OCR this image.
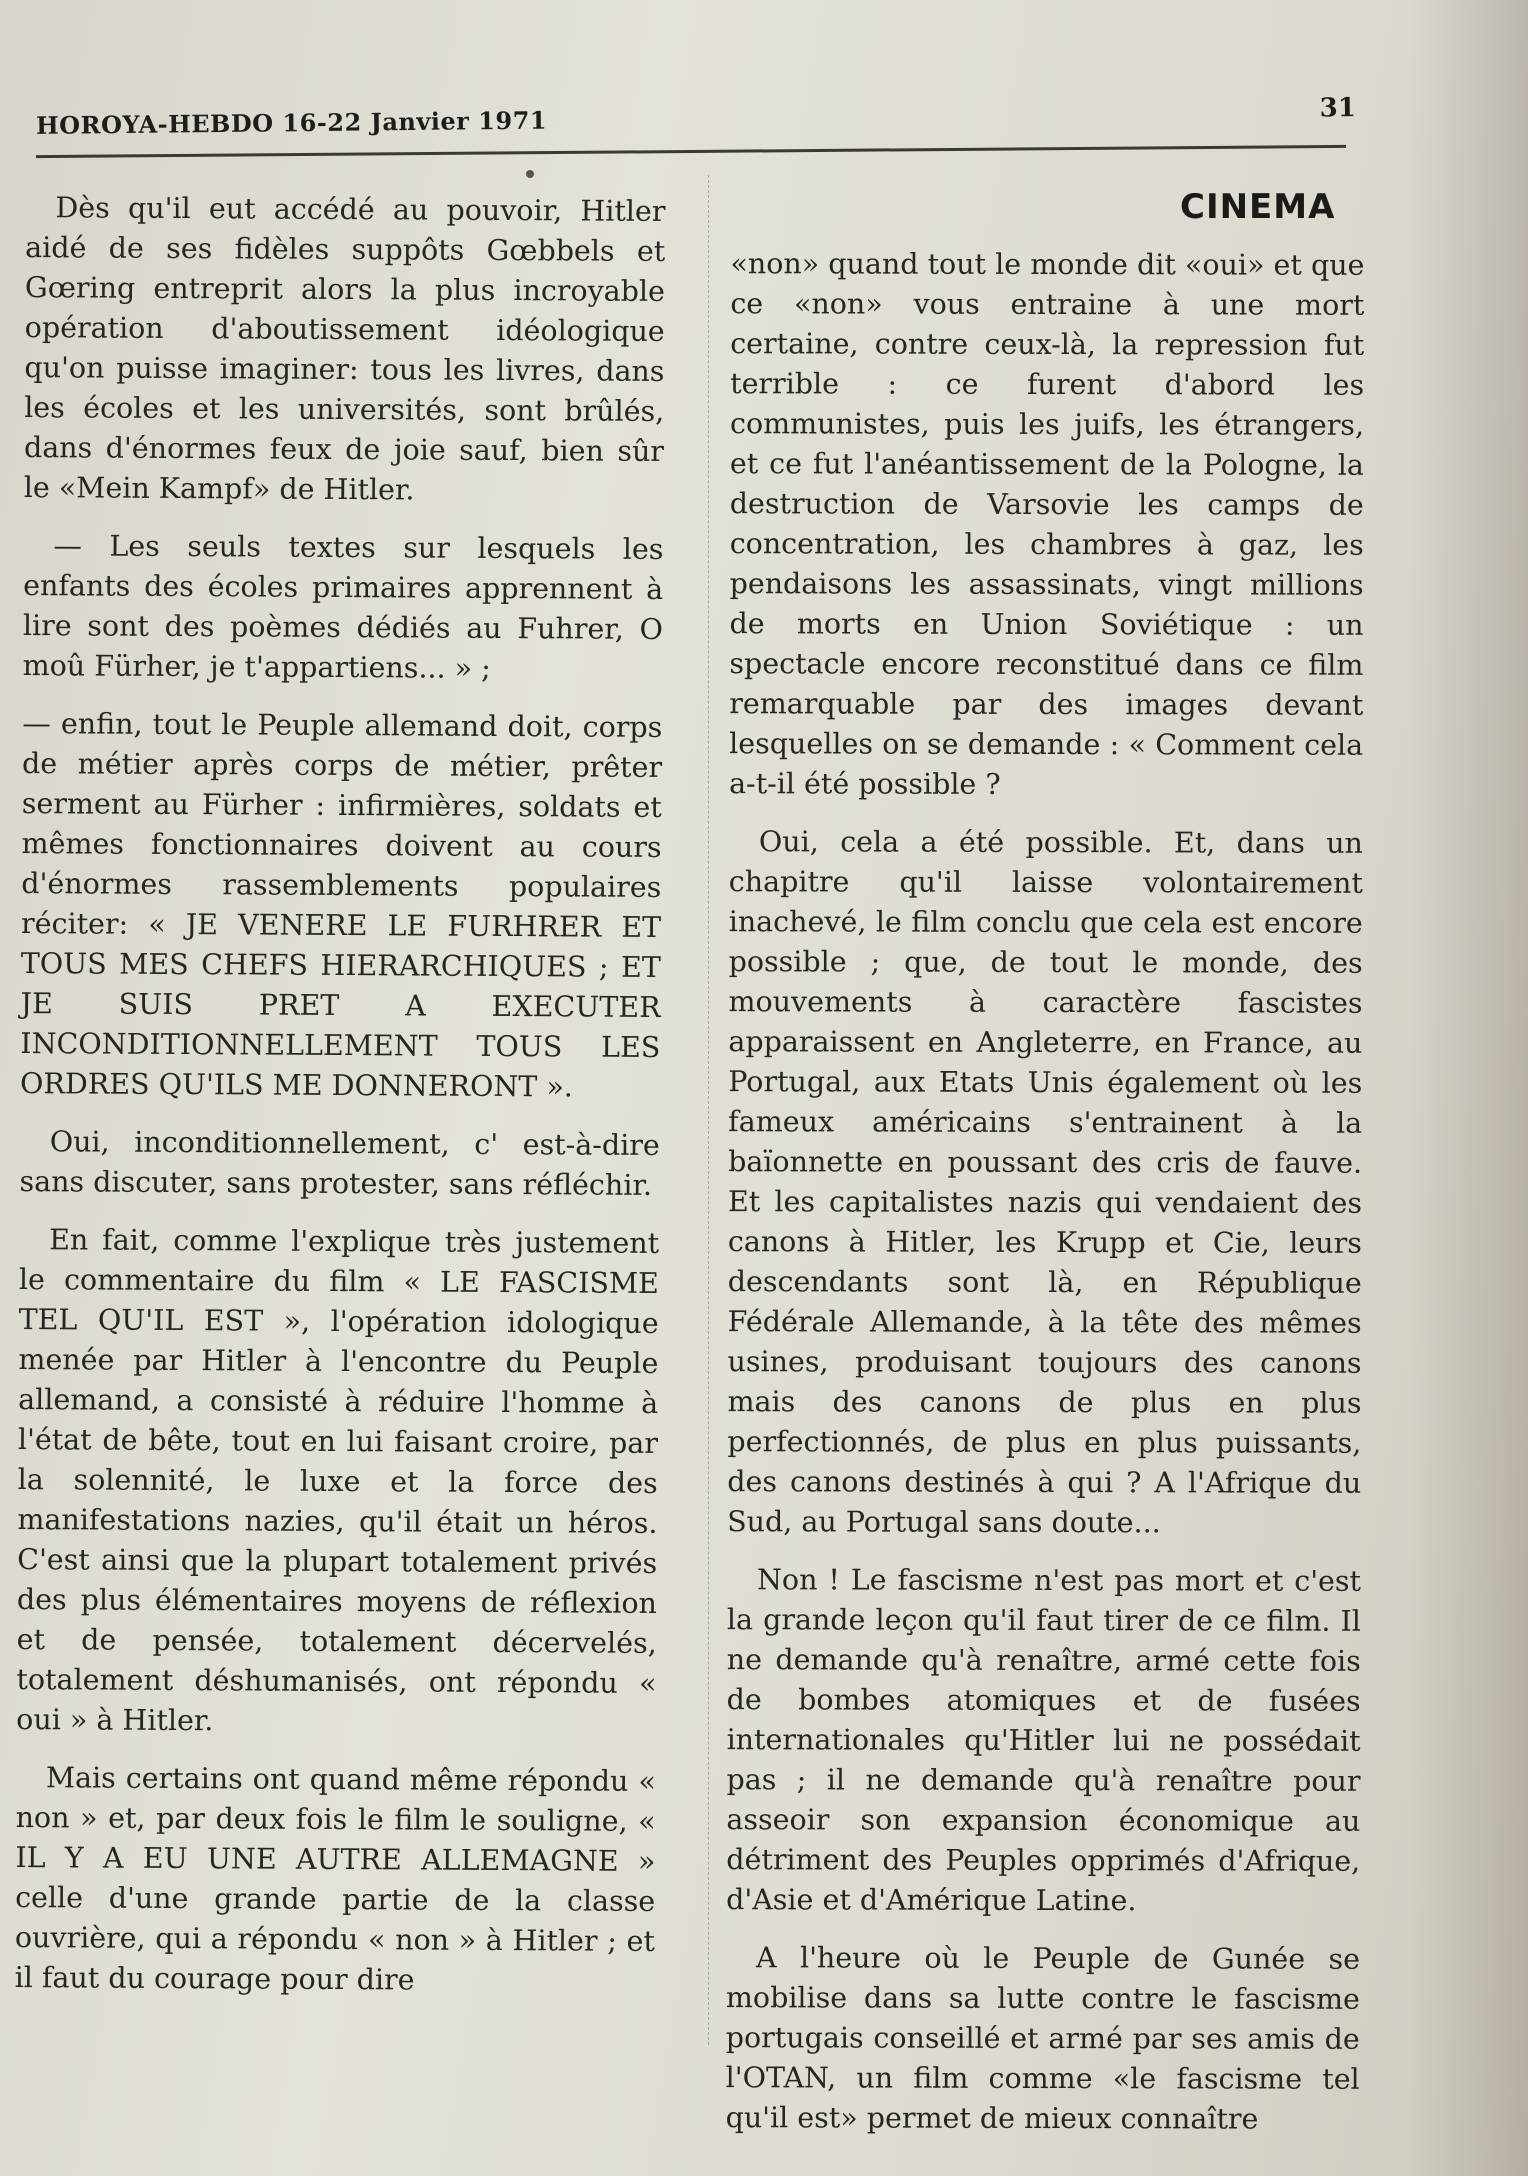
HOROYA-HEBDO 16-22 Janvier 1971	31
CINEMA

Dès qu'il eut accédé au pouvoir, Hitler aidé de ses fidèles suppôts Gœbbels et Gœring entreprit alors la plus incroyable opération d'aboutissement idéologique qu'on puisse imaginer: tous les livres, dans les écoles et les universités, sont brûlés, dans d'énormes feux de joie sauf, bien sûr le «Mein Kampf» de Hitler.

— Les seuls textes sur lesquels les enfants des écoles primaires apprennent à lire sont des poèmes dédiés au Fuhrer, O moû Fürher, je t'appartiens... » ;

— enfin, tout le Peuple allemand doit, corps de métier après corps de métier, prêter serment au Fürher : infirmières, soldats et mêmes fonctionnaires doivent au cours d'énormes rassemblements populaires réciter: « JE VENERE LE FURHRER ET TOUS MES CHEFS HIERARCHIQUES ; ET JE SUIS PRET A EXECUTER INCONDITIONNELLEMENT TOUS LES ORDRES QU'ILS ME DONNERONT ».

Oui, inconditionnellement, c' est-à-dire sans discuter, sans protester, sans réfléchir.

En fait, comme l'explique très justement le commentaire du film « LE FASCISME TEL QU'IL EST », l'opération idologique menée par Hitler à l'encontre du Peuple allemand, a consisté à réduire l'homme à l'état de bête, tout en lui faisant croire, par la solennité, le luxe et la force des manifestations nazies, qu'il était un héros. C'est ainsi que la plupart totalement privés des plus élémentaires moyens de réflexion et de pensée, totalement décervelés, totalement déshumanisés, ont répondu « oui » à Hitler.

Mais certains ont quand même répondu « non » et, par deux fois le film le souligne, « IL Y A EU UNE AUTRE ALLEMAGNE » celle d'une grande partie de la classe ouvrière, qui a répondu « non » à Hitler ; et il faut du courage pour dire

«non» quand tout le monde dit «oui» et que ce «non» vous entraine à une mort certaine, contre ceux-là, la repression fut terrible : ce furent d'abord les communistes, puis les juifs, les étrangers, et ce fut l'anéantissement de la Pologne, la destruction de Varsovie les camps de concentration, les chambres à gaz, les pendaisons les assassinats, vingt millions de morts en Union Soviétique : un spectacle encore reconstitué dans ce film remarquable par des images devant lesquelles on se demande : « Comment cela a-t-il été possible ?

Oui, cela a été possible. Et, dans un chapitre qu'il laisse volontairement inachevé, le film conclu que cela est encore possible ; que, de tout le monde, des mouvements à caractère fascistes apparaissent en Angleterre, en France, au Portugal, aux Etats Unis également où les fameux américains s'entrainent à la baïonnette en poussant des cris de fauve. Et les capitalistes nazis qui vendaient des canons à Hitler, les Krupp et Cie, leurs descendants sont là, en République Fédérale Allemande, à la tête des mêmes usines, produisant toujours des canons mais des canons de plus en plus perfectionnés, de plus en plus puissants, des canons destinés à qui ? A l'Afrique du Sud, au Portugal sans doute...

Non ! Le fascisme n'est pas mort et c'est la grande leçon qu'il faut tirer de ce film. Il ne demande qu'à renaître, armé cette fois de bombes atomiques et de fusées internationales qu'Hitler lui ne possédait pas ; il ne demande qu'à renaître pour asseoir son expansion économique au détriment des Peuples opprimés d'Afrique, d'Asie et d'Amérique Latine.

A l'heure où le Peuple de Gunée se mobilise dans sa lutte contre le fascisme portugais conseillé et armé par ses amis de l'OTAN, un film comme «le fascisme tel qu'il est» permet de mieux connaître
